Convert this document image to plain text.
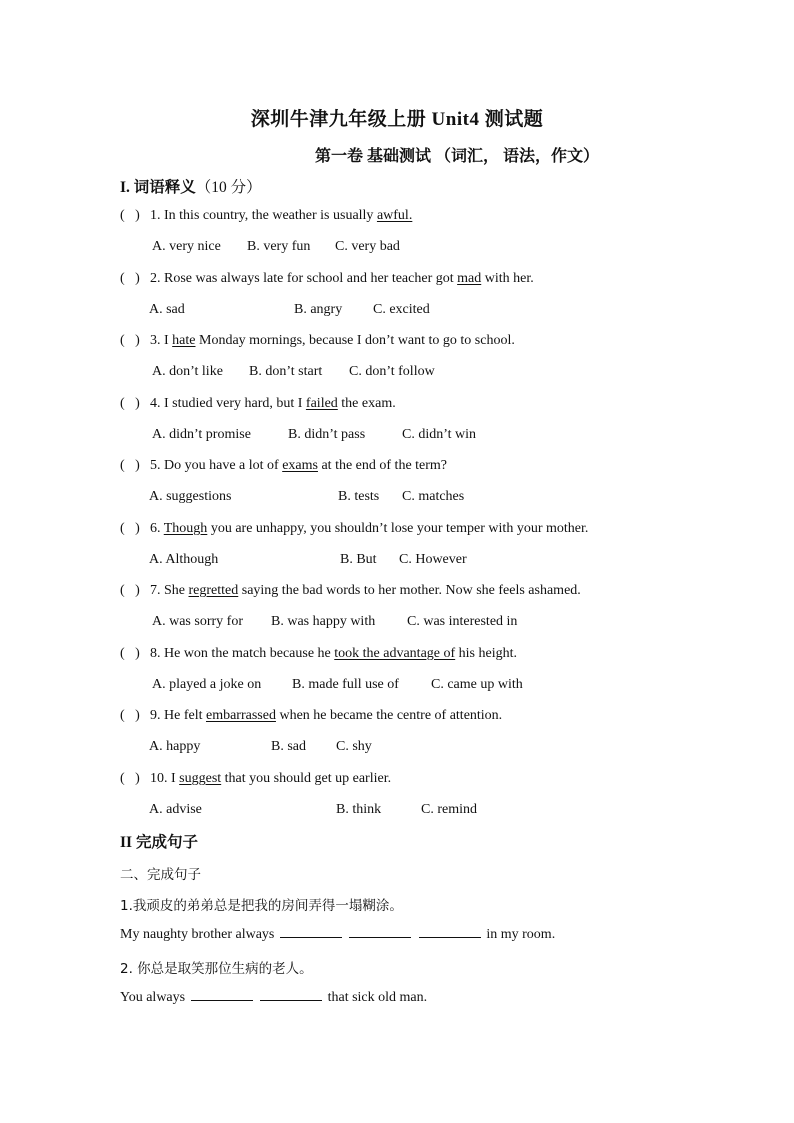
深圳牛津九年级上册 Unit4 测试题
第一卷 基础测试 （词汇， 语法，作文）
I. 词语释义（10 分）
(   ) 1. In this country, the weather is usually awful.
A. very nice B. very fun C. very bad
(   ) 2. Rose was always late for school and her teacher got mad with her.
A. sad	B. angry C. excited
(   ) 3. I hate Monday mornings, because I don’t want to go to school.
A. don’t like B. don’t start C. don’t follow
(   ) 4. I studied very hard, but I failed the exam.
A. didn’t promise	B. didn’t pass	C. didn’t win
(   ) 5. Do you have a lot of exams at the end of the term?
A. suggestions	B. tests C. matches
(   ) 6. Though you are unhappy, you shouldn’t lose your temper with your mother.
A. Although	B. But C. However
(   ) 7. She regretted saying the bad words to her mother. Now she feels ashamed.
A. was sorry for B. was happy with C. was interested in
(   ) 8. He won the match because he took the advantage of his height.
A. played a joke on B. made full use of C. came up with
(   ) 9. He felt embarrassed when he became the centre of attention.
A. happy	B. sad C. shy
(   ) 10. I suggest that you should get up earlier.
A. advise	B. think	C. remind
II 完成句子
二、完成句子
1.我顽皮的弟弟总是把我的房间弄得一塌糊涂。
My naughty brother always	in my room.
2. 你总是取笑那位生病的老人。
You always	that sick old man.
